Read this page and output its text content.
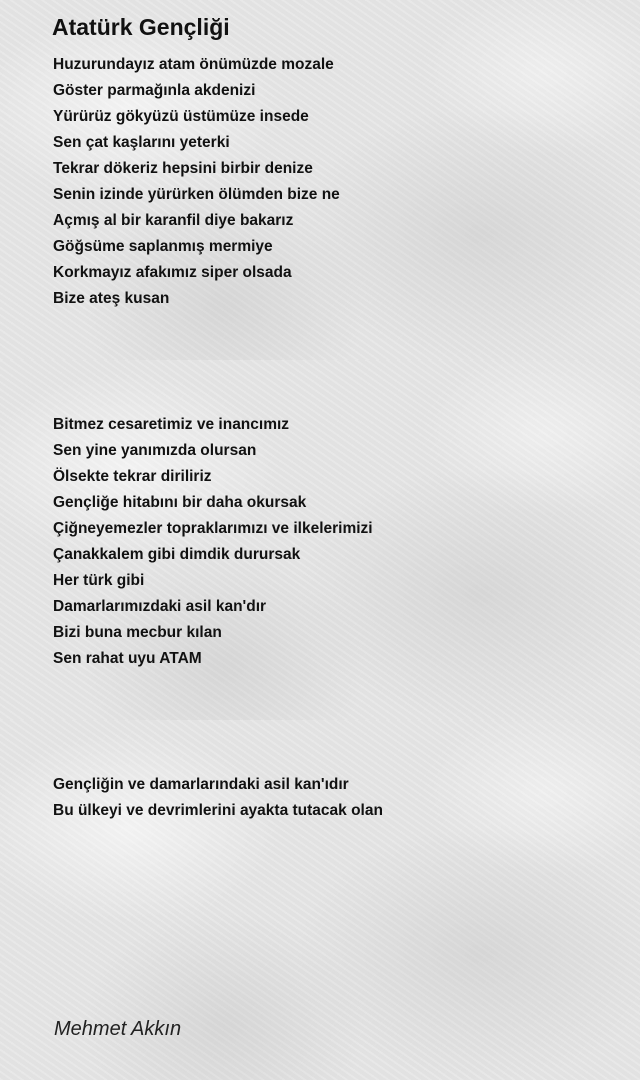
Atatürk Gençliği
Huzurundayız atam önümüzde mozale
Göster parmağınla akdenizi
Yürürüz gökyüzü üstümüze insede
Sen çat kaşlarını yeterki
Tekrar dökeriz hepsini birbir denize
Senin izinde yürürken ölümden bize ne
Açmış al bir karanfil diye bakarız
Göğsüme saplanmış mermiye
Korkmayız afakımız siper olsada
Bize ateş kusan
Bitmez cesaretimiz ve inancımız
Sen yine yanımızda olursan
Ölsekte tekrar diriliriz
Gençliğe hitabını bir daha okursak
Çiğneyemezler topraklarımızı ve ilkelerimizi
Çanakkalem gibi dimdik durursak
Her türk gibi
Damarlarımızdaki asil kan'dır
Bizi buna mecbur kılan
Sen rahat uyu ATAM
Gençliğin ve damarlarındaki asil kan'ıdır
Bu ülkeyi ve devrimlerini ayakta tutacak olan

Mehmet Akkın
